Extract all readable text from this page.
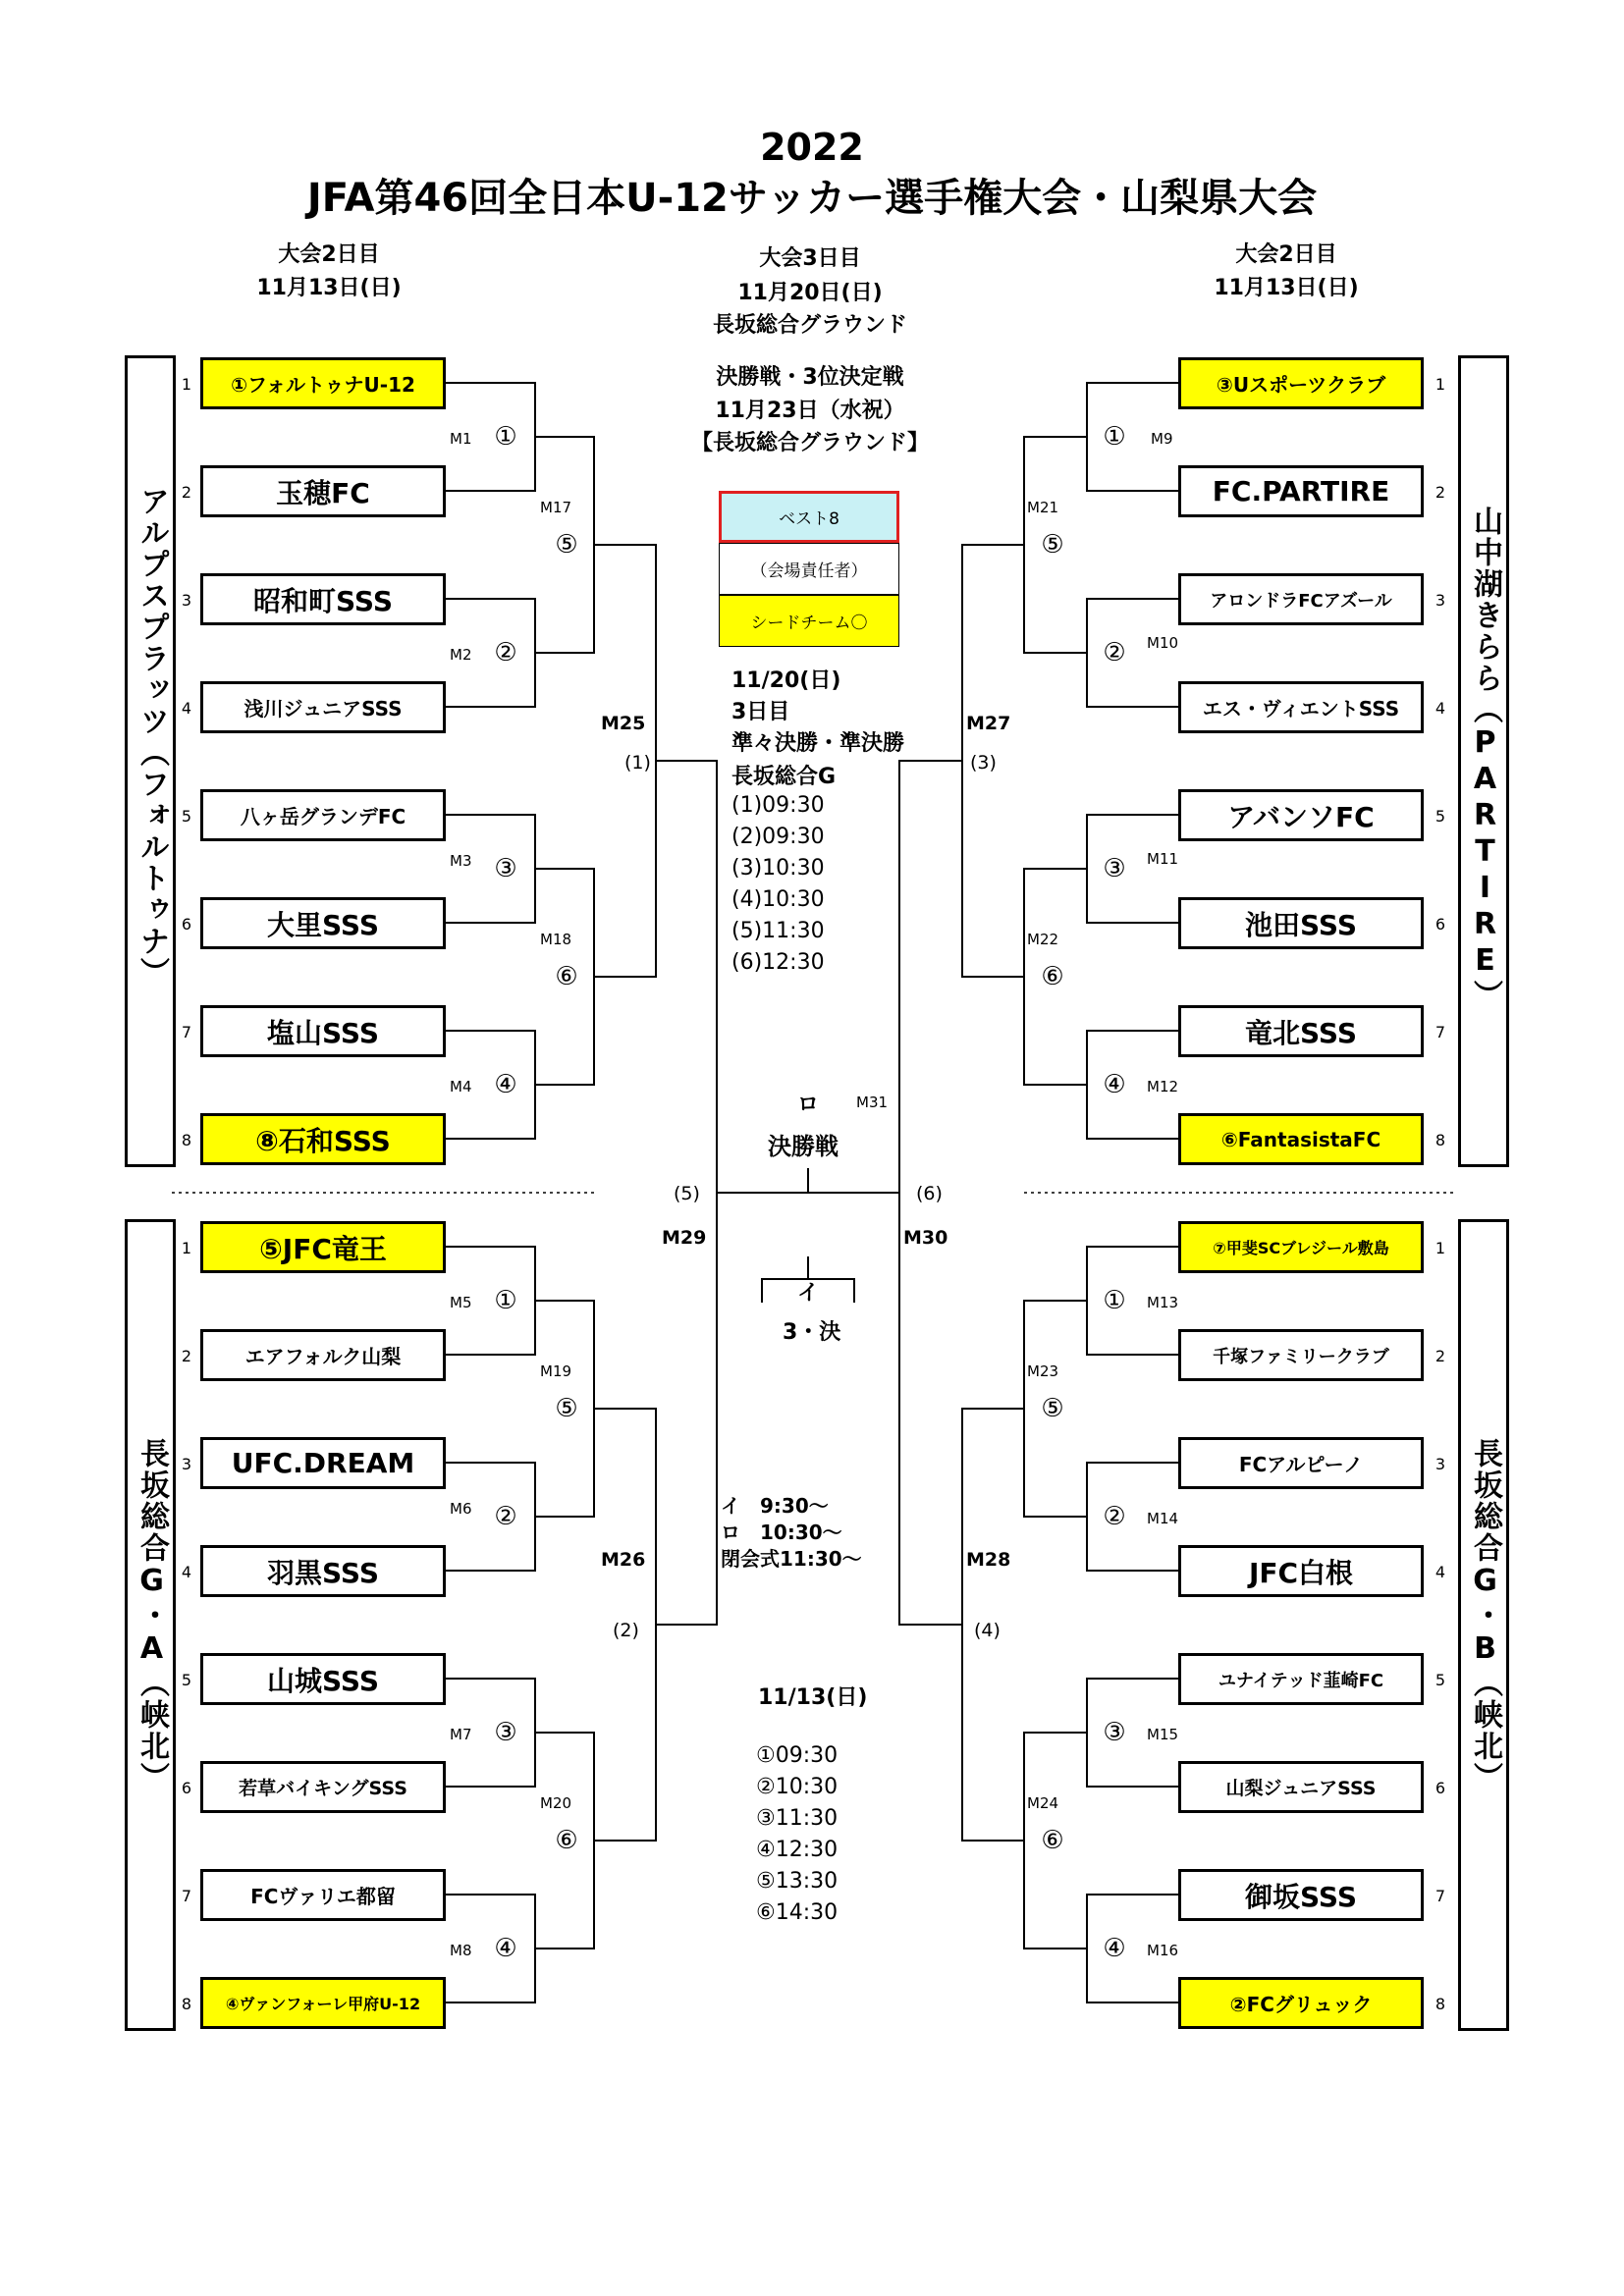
2022
JFA第46回全日本U-12サッカー選手権大会・山梨県大会
大会2日目
11月13日(日)
大会2日目
11月13日(日)
大会3日目
11月20日(日)
長坂総合グラウンド
決勝戦・3位決定戦
11月23日（水祝）
【長坂総合グラウンド】
ベスト8
（会場責任者）
シードチーム〇
アルプスプラッツ（フォルトゥナ）
長坂総合G・A（峡北）
山中湖きらら（PARTIRE）
長坂総合G・B（峡北）
①フォルトゥナU-12
玉穂FC
昭和町SSS
浅川ジュニアSSS
八ヶ岳グランデFC
大里SSS
塩山SSS
⑧石和SSS
⑤JFC竜王
エアフォルク山梨
UFC.DREAM
羽黒SSS
山城SSS
若草バイキングSSS
FCヴァリエ都留
④ヴァンフォーレ甲府U-12
③Uスポーツクラブ
FC.PARTIRE
アロンドラFCアズール
エス・ヴィエントSSS
アバンソFC
池田SSS
竜北SSS
⑥FantasistaFC
⑦甲斐SCブレジール敷島
千塚ファミリークラブ
FCアルピーノ
JFC白根
ユナイテッド韮崎FC
山梨ジュニアSSS
御坂SSS
②FCグリュック
1
2
3
4
5
6
7
8
1
2
3
4
5
6
7
8
1
2
3
4
5
6
7
8
1
2
3
4
5
6
7
8
M1
M2
M3
M4
①
②
③
④
M5
M6
M7
M8
①
②
③
④
M9
M10
M11
M12
①
②
③
④
M13
M14
M15
M16
①
②
③
④
M17
M18
⑤
⑥
M19
M20
⑤
⑥
M21
M22
⑤
⑥
M23
M24
⑤
⑥
M25
(1)
M26
(2)
M27
(3)
M28
(4)
(5)
M29
(6)
M30
ロ	M31
決勝戦
イ
3・決
11/20(日)
3日目
準々決勝・準決勝
長坂総合G
(1)09:30
(2)09:30
(3)10:30
(4)10:30
(5)11:30
(6)12:30
イ　9:30〜
ロ　10:30〜
閉会式11:30〜
11/13(日)
①09:30
②10:30
③11:30
④12:30
⑤13:30
⑥14:30
